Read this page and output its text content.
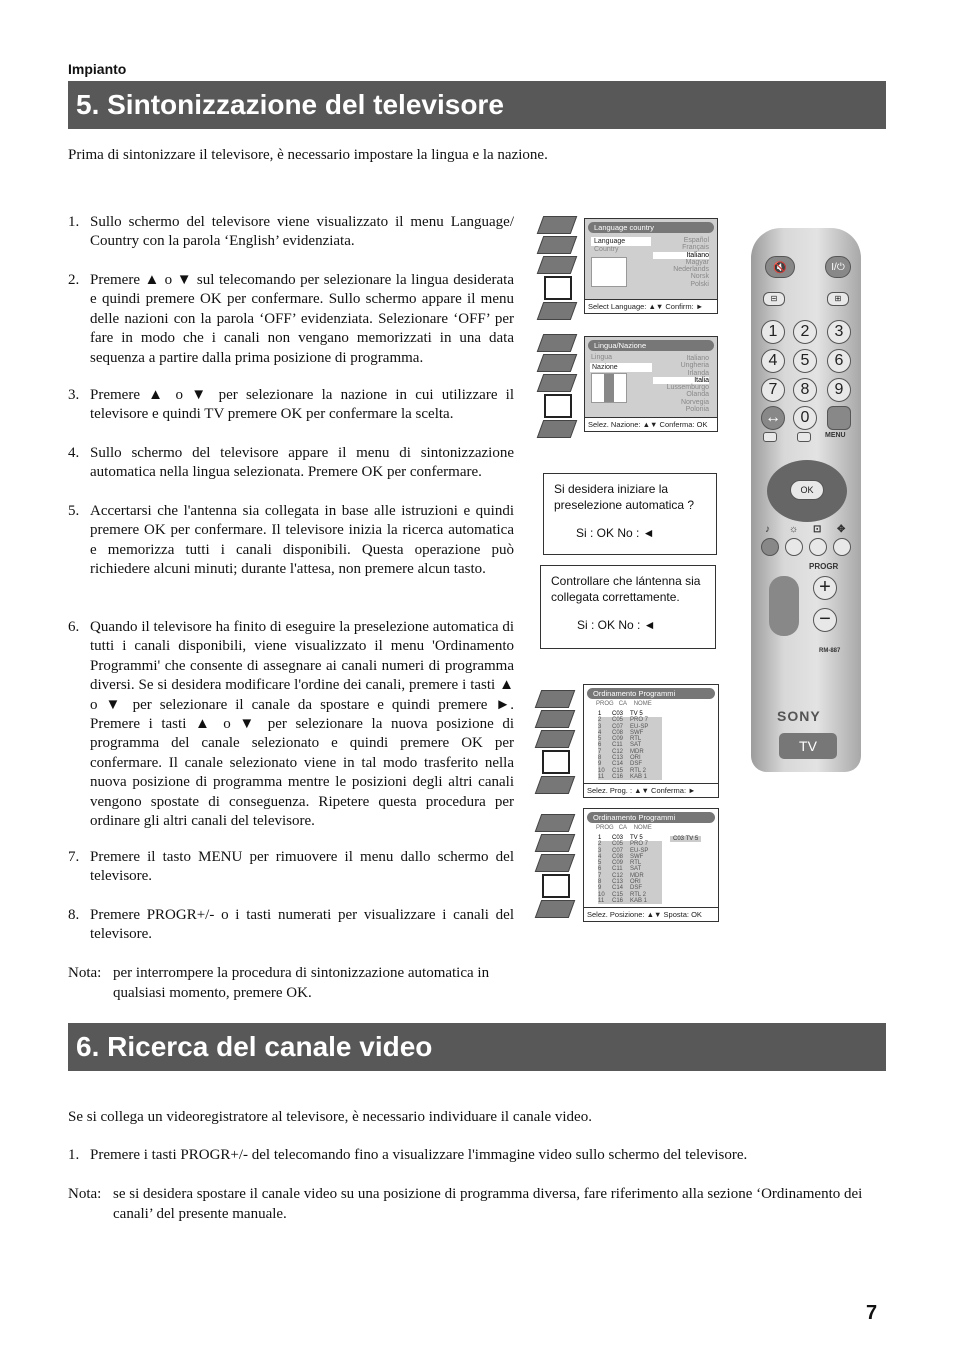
Impianto
5. Sintonizzazione del televisore
Prima di sintonizzare il televisore, è necessario impostare la lingua e la nazione.
1. Sullo schermo del televisore viene visualizzato il menu Language/ Country con la parola ‘English’ evidenziata.
2. Premere ▲ o ▼ sul telecomando per selezionare la lingua desiderata e quindi premere OK per confermare. Sullo schermo appare il menu delle nazioni con la parola ‘OFF’ evidenziata. Selezionare ‘OFF’ per fare in modo che i canali non vengano memorizzati in una data sequenza a partire dalla prima posizione di programma.
3. Premere ▲ o ▼ per selezionare la nazione in cui utilizzare il televisore e quindi TV premere OK per confermare la scelta.
4. Sullo schermo del televisore appare il menu di sintonizzazione automatica nella lingua selezionata. Premere OK per confermare.
5. Accertarsi che l'antenna sia collegata in base alle istruzioni e quindi premere OK per confermare. Il televisore inizia la ricerca automatica e memorizza tutti i canali disponibili. Questa operazione può richiedere alcuni minuti; durante l'attesa, non premere alcun tasto.
6. Quando il televisore ha finito di eseguire la preselezione automatica di tutti i canali disponibili, viene visualizzato il menu 'Ordinamento Programmi' che consente di assegnare ai canali numeri di programma diversi. Se si desidera modificare l'ordine dei canali, premere i tasti ▲ o ▼ per selezionare il canale da spostare e quindi premere ►. Premere i tasti ▲ o ▼ per selezionare la nuova posizione di programma del canale selezionato e quindi premere OK per confermare. Il canale selezionato viene in tal modo trasferito nella nuova posizione di programma mentre le posizioni degli altri canali vengono spostate di conseguenza. Ripetere questa procedura per ordinare gli altri canali del televisore.
7. Premere il tasto MENU per rimuovere il menu dallo schermo del televisore.
8. Premere PROGR+/- o i tasti numerati per visualizzare i canali del televisore.
Nota: per interrompere la procedura di sintonizzazione automatica in qualsiasi momento, premere OK.
Language country
Language
Country
Español
Français
Italiano
Magyar
Nederlands
Norsk
Polski
Select Language: ▲▼ Confirm: ►
Lingua/Nazione
Lingua
Nazione
Italiano
Ungheria
Irlanda
Italia
Lussemburgo
Olanda
Norvegia
Polonia
Selez. Nazione: ▲▼ Conferma: OK
Si desidera iniziare la
preselezione automatica ?
Si : OK No : ◄
Controllare che lántenna sia
collegata correttamente.
Si : OK No : ◄
Ordinamento Programmi
PROG CA NOME
1	C03	TV 5
2	C05	PRO 7
3	C07	EU-SP
4	C08	SWF
5	C09	RTL
6	C11	SAT
7	C12	MDR
8	C13	ORI
9	C14	DSF
10	C15	RTL 2
11	C16	KAB 1
Selez. Prog. : ▲▼ Conferma: ►
Ordinamento Programmi
PROG CA NOME
1	C03	TV 5
2	C05	PRO 7
3	C07	EU-SP
4	C08	SWF
5	C09	RTL
6	C11	SAT
7	C12	MDR
8	C13	ORI
9	C14	DSF
10	C15	RTL 2
11	C16	KAB 1
C03 TV 5
Selez. Posizione: ▲▼ Sposta: OK
🔇	I/⏻
⊟	⊞
1	2	3
4	5	6
7	8	9
↔	0
MENU
OK
♪ ☼ ⊡ ✥
PROGR
+
−
RM-887
SONY
TV
6. Ricerca del canale video
Se si collega un videoregistratore al televisore, è necessario individuare il canale video.
1. Premere i tasti PROGR+/- del telecomando fino a visualizzare l'immagine video sullo schermo del televisore.
Nota: se si desidera spostare il canale video su una posizione di programma diversa, fare riferimento alla sezione ‘Ordinamento dei canali’ del presente manuale.
7
